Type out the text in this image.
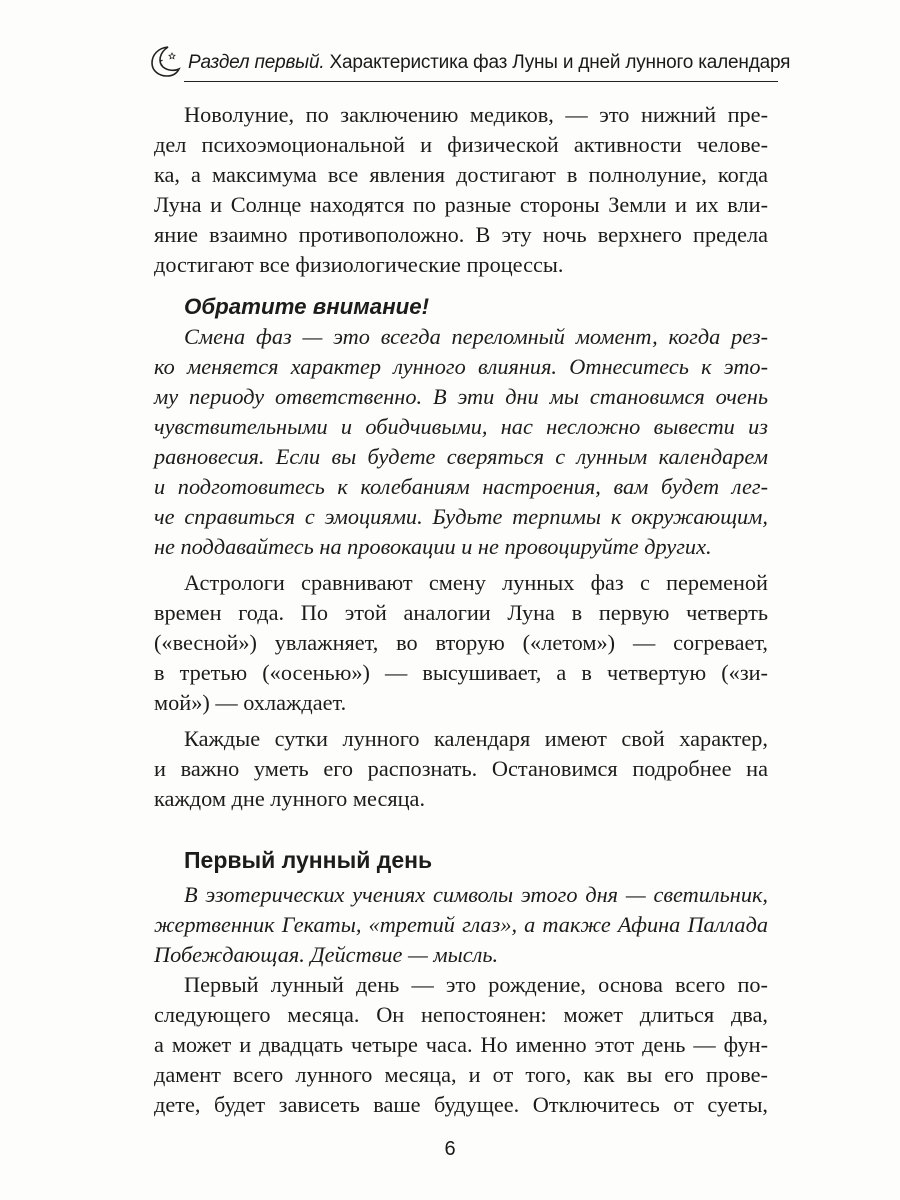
Раздел первый. Характеристика фаз Луны и дней лунного календаря
Новолуние, по заключению медиков, — это нижний пре-
дел психоэмоциональной и физической активности челове-
ка, а максимума все явления достигают в полнолуние, когда
Луна и Солнце находятся по разные стороны Земли и их вли-
яние взаимно противоположно. В эту ночь верхнего предела
достигают все физиологические процессы.
Обратите внимание!
Смена фаз — это всегда переломный момент, когда рез-
ко меняется характер лунного влияния. Отнеситесь к это-
му периоду ответственно. В эти дни мы становимся очень
чувствительными и обидчивыми, нас несложно вывести из
равновесия. Если вы будете сверяться с лунным календарем
и подготовитесь к колебаниям настроения, вам будет лег-
че справиться с эмоциями. Будьте терпимы к окружающим,
не поддавайтесь на провокации и не провоцируйте других.
Астрологи сравнивают смену лунных фаз с переменой
времен года. По этой аналогии Луна в первую четверть
(«весной») увлажняет, во вторую («летом») — согревает,
в третью («осенью») — высушивает, а в четвертую («зи-
мой») — охлаждает.
Каждые сутки лунного календаря имеют свой характер,
и важно уметь его распознать. Остановимся подробнее на
каждом дне лунного месяца.
Первый лунный день
В эзотерических учениях символы этого дня — светильник,
жертвенник Гекаты, «третий глаз», а также Афина Паллада
Побеждающая. Действие — мысль.
Первый лунный день — это рождение, основа всего по-
следующего месяца. Он непостоянен: может длиться два,
а может и двадцать четыре часа. Но именно этот день — фун-
дамент всего лунного месяца, и от того, как вы его прове-
дете, будет зависеть ваше будущее. Отключитесь от суеты,
6
